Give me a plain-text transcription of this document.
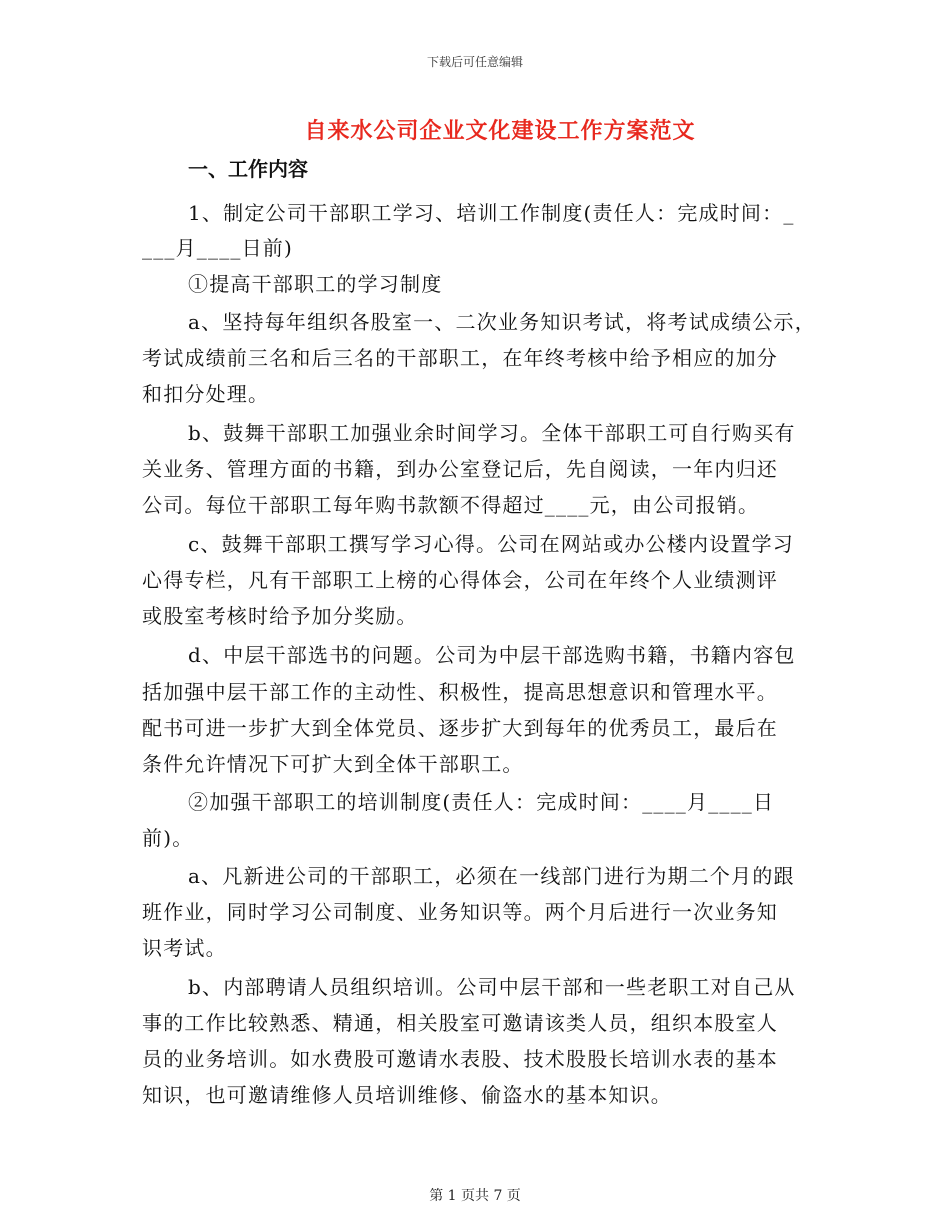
下载后可任意编辑
自来水公司企业文化建设工作方案范文
一、工作内容
1、制定公司干部职工学习、培训工作制度(责任人：完成时间：_
___月____日前)
①提高干部职工的学习制度
a、坚持每年组织各股室一、二次业务知识考试，将考试成绩公示，
考试成绩前三名和后三名的干部职工，在年终考核中给予相应的加分
和扣分处理。
b、鼓舞干部职工加强业余时间学习。全体干部职工可自行购买有
关业务、管理方面的书籍，到办公室登记后，先自阅读，一年内归还
公司。每位干部职工每年购书款额不得超过____元，由公司报销。
c、鼓舞干部职工撰写学习心得。公司在网站或办公楼内设置学习
心得专栏，凡有干部职工上榜的心得体会，公司在年终个人业绩测评
或股室考核时给予加分奖励。
d、中层干部选书的问题。公司为中层干部选购书籍，书籍内容包
括加强中层干部工作的主动性、积极性，提高思想意识和管理水平。
配书可进一步扩大到全体党员、逐步扩大到每年的优秀员工，最后在
条件允许情况下可扩大到全体干部职工。
②加强干部职工的培训制度(责任人：完成时间：____月____日
前)。
a、凡新进公司的干部职工，必须在一线部门进行为期二个月的跟
班作业，同时学习公司制度、业务知识等。两个月后进行一次业务知
识考试。
b、内部聘请人员组织培训。公司中层干部和一些老职工对自己从
事的工作比较熟悉、精通，相关股室可邀请该类人员，组织本股室人
员的业务培训。如水费股可邀请水表股、技术股股长培训水表的基本
知识，也可邀请维修人员培训维修、偷盗水的基本知识。
第 1 页共 7 页
